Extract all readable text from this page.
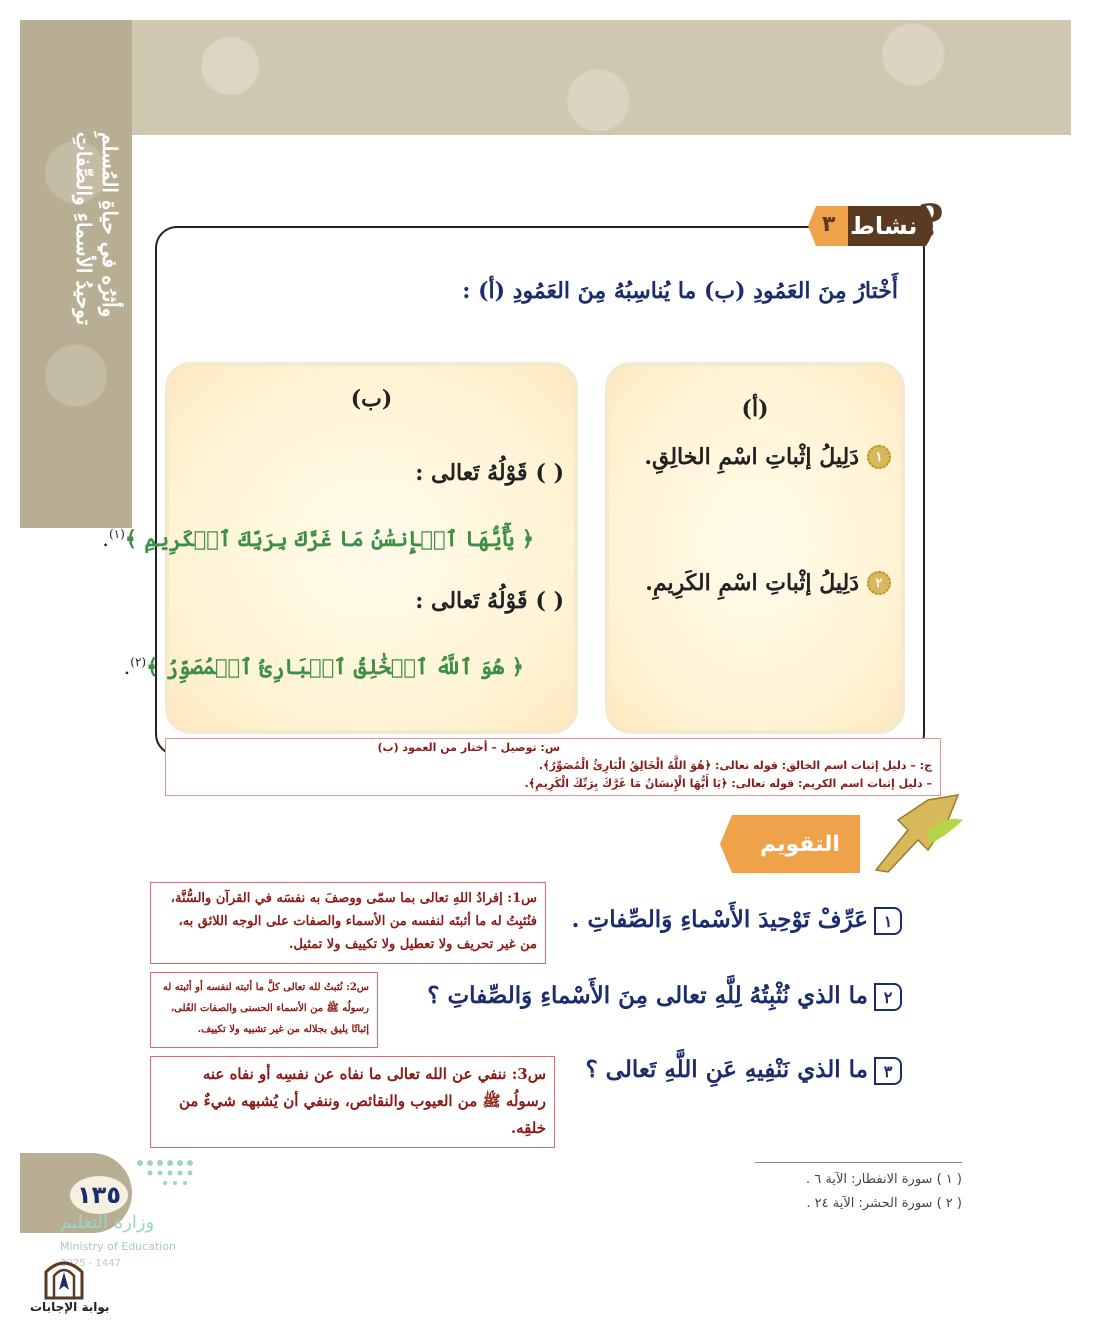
توحيدُ الأسماءِ والصِّفاتِ وأثرُه في حياةِ المُسلمِ	٣ نشاط ?
أَخْتارُ مِنَ العَمُودِ (ب) ما يُناسِبُهُ مِنَ العَمُودِ (أ) :
(ب)
( )
قَوْلُهُ تَعالى :
﴿ يَٰٓأَيُّهَا ٱلۡإِنسَٰنُ مَا غَرَّكَ بِرَبِّكَ ٱلۡكَرِيمِ ﴾$^{(١)}$.
( )
قَوْلُهُ تَعالى :
﴿ هُوَ ٱللَّهُ ٱلۡخَٰلِقُ ٱلۡبَارِئُ ٱلۡمُصَوِّرُ ﴾$^{(٢)}$.
(أ)
١
دَلِيلُ إثْباتِ اسْمِ الخالِقِ.
٢
دَلِيلُ إثْباتِ اسْمِ الكَرِيمِ.
س: توصيل – أختار من العمود (ب)
ج: – دليل إثبات اسم الخالق: قوله تعالى: ﴿هُوَ اللَّهُ الْخَالِقُ الْبَارِئُ الْمُصَوِّرُ﴾.
– دليل إثبات اسم الكريم: قوله تعالى: ﴿يَا أَيُّهَا الْإِنسَانُ مَا غَرَّكَ بِرَبِّكَ الْكَرِيمِ﴾.
التقويم
١عَرِّفْ تَوْحِيدَ الأَسْماءِ وَالصِّفاتِ .
٢ما الذي نُثْبِتُهُ لِلَّهِ تعالى مِنَ الأَسْماءِ وَالصِّفاتِ ؟
٣ما الذي نَنْفِيهِ عَنِ اللَّهِ تَعالى ؟
س1: إفرادُ اللهِ تعالى بما سمّى ووصفَ به نفسَه في القرآن والسُّنَّة، فنُثبِتُ له ما أثبتَه لنفسه من الأسماء والصفات على الوجه اللائق به، من غير تحريف ولا تعطيل ولا تكييف ولا تمثيل.
س2: نُثبتُ لله تعالى كلَّ ما أثبته لنفسه أو أثبته له رسولُه ﷺ من الأسماء الحسنى والصفات العُلى، إثباتًا يليق بجلاله من غير تشبيه ولا تكييف.
س3: ننفي عن الله تعالى ما نفاه عن نفسِه أو نفاه عنه رسولُه ﷺ من العيوب والنقائص، وننفي أن يُشبهه شيءٌ من خلقِه.
( ١ ) سورة الانفطار: الآية ٦ .
( ٢ ) سورة الحشر: الآية ٢٤ .
١٣٥
وزارة التعليم
Ministry of Education
2025 - 1447
بوابة الإجابات
